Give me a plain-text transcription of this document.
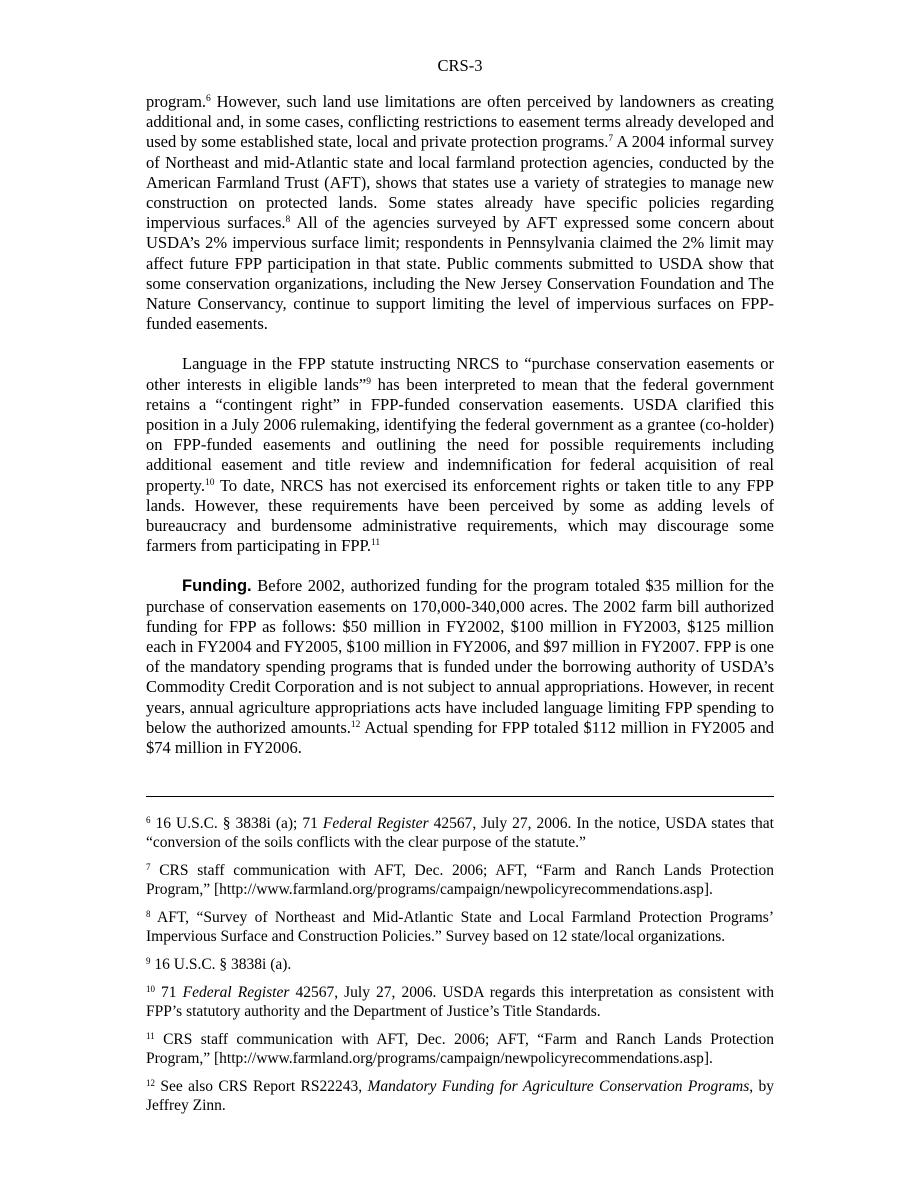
CRS-3

program.$^6$ However, such land use limitations are often perceived by landowners as creating additional and, in some cases, conflicting restrictions to easement terms already developed and used by some established state, local and private protection programs.$^7$ A 2004 informal survey of Northeast and mid-Atlantic state and local farmland protection agencies, conducted by the American Farmland Trust (AFT), shows that states use a variety of strategies to manage new construction on protected lands. Some states already have specific policies regarding impervious surfaces.$^8$ All of the agencies surveyed by AFT expressed some concern about USDA’s 2% impervious surface limit; respondents in Pennsylvania claimed the 2% limit may affect future FPP participation in that state. Public comments submitted to USDA show that some conservation organizations, including the New Jersey Conservation Foundation and The Nature Conservancy, continue to support limiting the level of impervious surfaces on FPP-funded easements.

Language in the FPP statute instructing NRCS to “purchase conservation easements or other interests in eligible lands”$^9$ has been interpreted to mean that the federal government retains a “contingent right” in FPP-funded conservation easements. USDA clarified this position in a July 2006 rulemaking, identifying the federal government as a grantee (co-holder) on FPP-funded easements and outlining the need for possible requirements including additional easement and title review and indemnification for federal acquisition of real property.$^{10}$ To date, NRCS has not exercised its enforcement rights or taken title to any FPP lands. However, these requirements have been perceived by some as adding levels of bureaucracy and burdensome administrative requirements, which may discourage some farmers from participating in FPP.$^{11}$

Funding. Before 2002, authorized funding for the program totaled $35 million for the purchase of conservation easements on 170,000-340,000 acres. The 2002 farm bill authorized funding for FPP as follows: $50 million in FY2002, $100 million in FY2003, $125 million each in FY2004 and FY2005, $100 million in FY2006, and $97 million in FY2007. FPP is one of the mandatory spending programs that is funded under the borrowing authority of USDA’s Commodity Credit Corporation and is not subject to annual appropriations. However, in recent years, annual agriculture appropriations acts have included language limiting FPP spending to below the authorized amounts.$^{12}$ Actual spending for FPP totaled $112 million in FY2005 and $74 million in FY2006.

$^6$ 16 U.S.C. § 3838i (a); 71 Federal Register 42567, July 27, 2006. In the notice, USDA states that “conversion of the soils conflicts with the clear purpose of the statute.”

$^7$ CRS staff communication with AFT, Dec. 2006; AFT, “Farm and Ranch Lands Protection Program,” [http://www.farmland.org/programs/campaign/newpolicyrecommendations.asp].

$^8$ AFT, “Survey of Northeast and Mid-Atlantic State and Local Farmland Protection Programs’ Impervious Surface and Construction Policies.” Survey based on 12 state/local organizations.

$^9$ 16 U.S.C. § 3838i (a).

$^{10}$ 71 Federal Register 42567, July 27, 2006. USDA regards this interpretation as consistent with FPP’s statutory authority and the Department of Justice’s Title Standards.

$^{11}$ CRS staff communication with AFT, Dec. 2006; AFT, “Farm and Ranch Lands Protection Program,” [http://www.farmland.org/programs/campaign/newpolicyrecommendations.asp].

$^{12}$ See also CRS Report RS22243, Mandatory Funding for Agriculture Conservation Programs, by Jeffrey Zinn.
